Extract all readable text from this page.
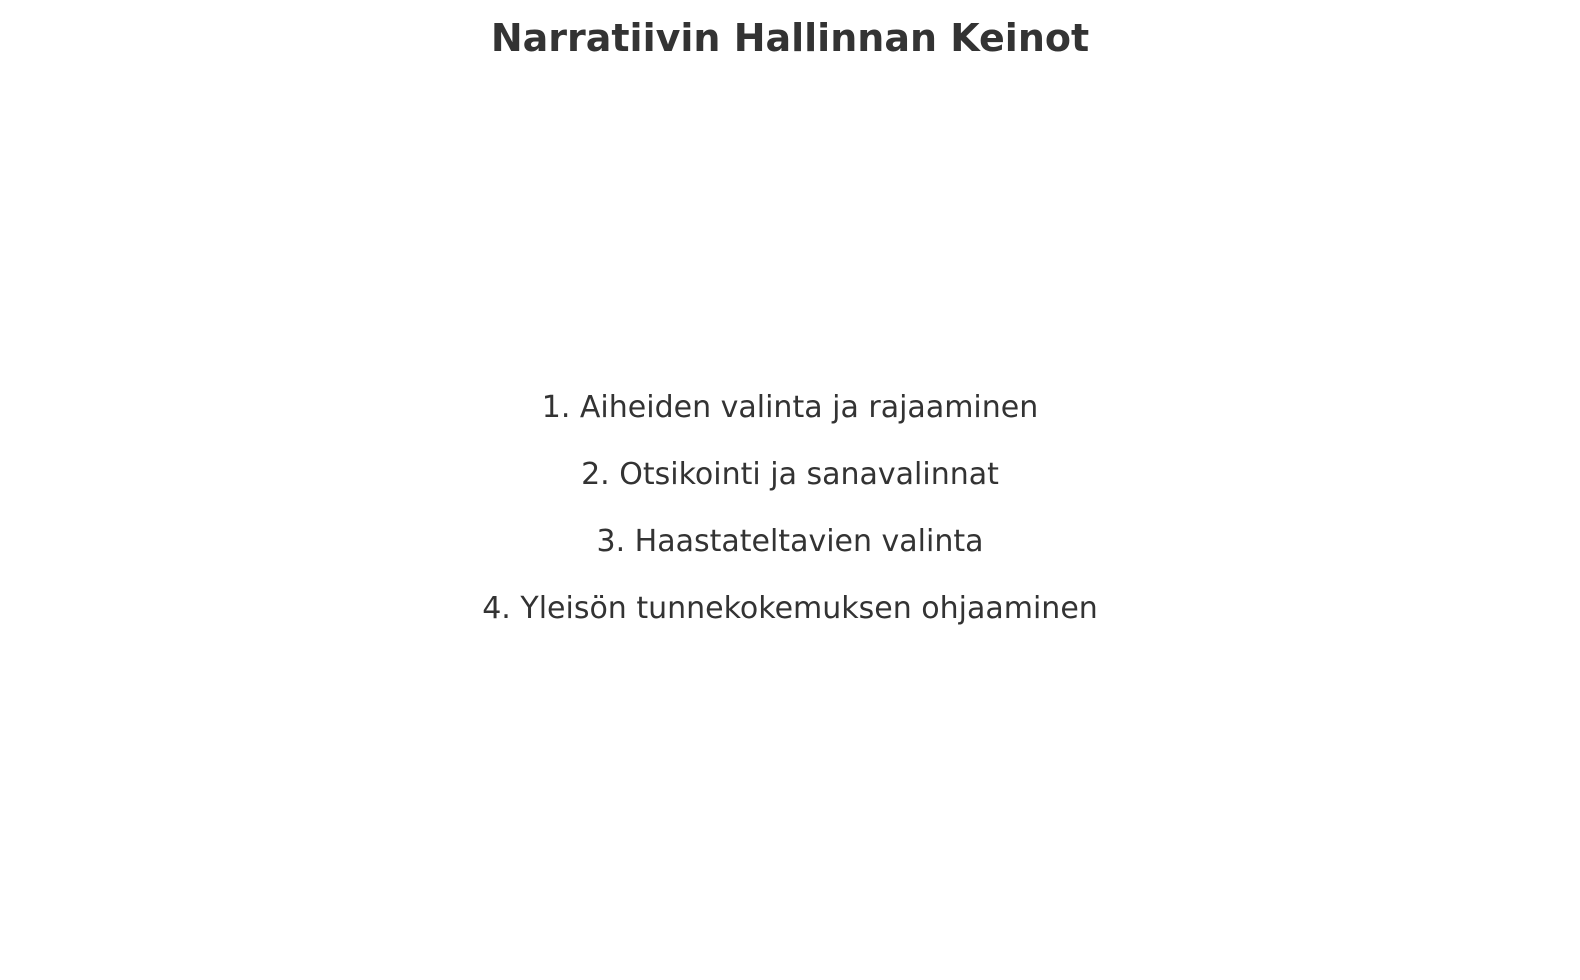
Narratiivin Hallinnan Keinot
1. Aiheiden valinta ja rajaaminen
2. Otsikointi ja sanavalinnat
3. Haastateltavien valinta
4. Yleisön tunnekokemuksen ohjaaminen
